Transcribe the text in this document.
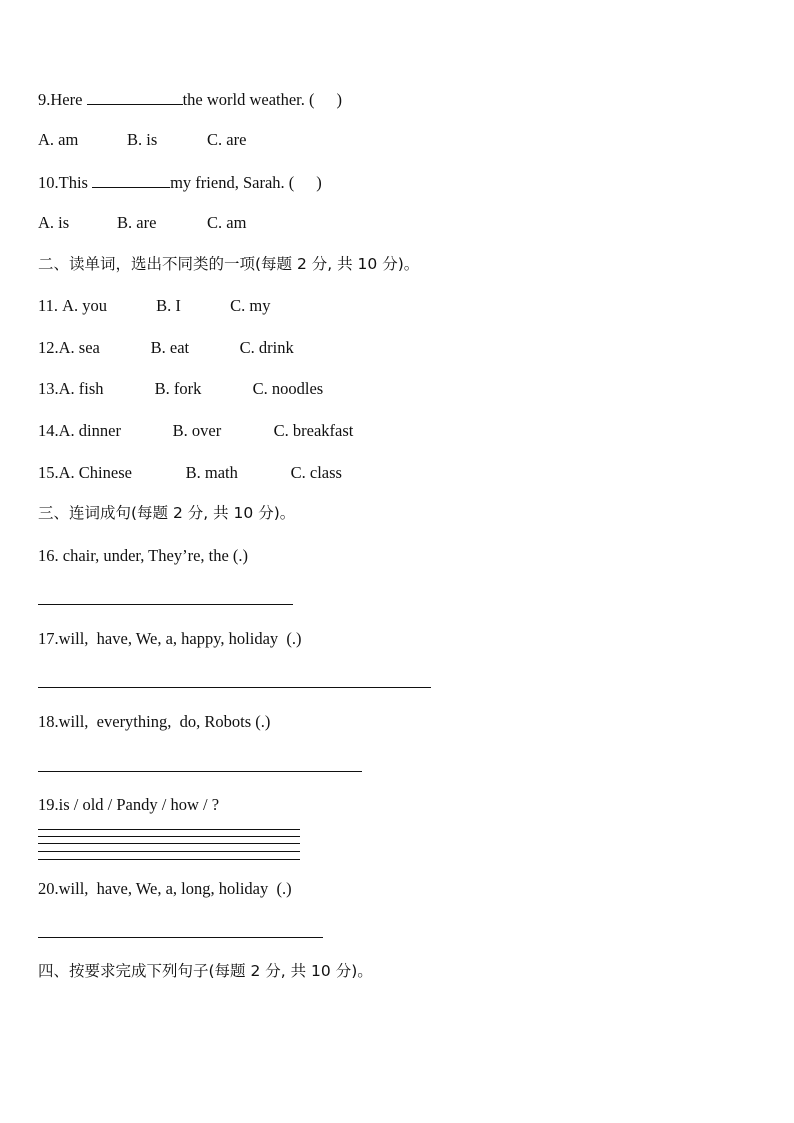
9.Here	the world weather. ( )
A. am	B. is	C. are
10.This	my friend, Sarah. ( )
A. is	B. are	C. am
二、读单词，选出不同类的一项(每题 2 分, 共 10 分)。
11. A. you	B. I	C. my
12.A. sea	B. eat	C. drink
13.A. fish	B. fork	C. noodles
14.A. dinner	B. over	C. breakfast
15.A. Chinese	B. math	C. class
三、连词成句(每题 2 分, 共 10 分)。
16. chair, under, They’re, the (.)
17.will,  have, We, a, happy, holiday  (.)
18.will,  everything,  do, Robots (.)
19.is / old / Pandy / how / ?
20.will,  have, We, a, long, holiday  (.)
四、按要求完成下列句子(每题 2 分, 共 10 分)。
